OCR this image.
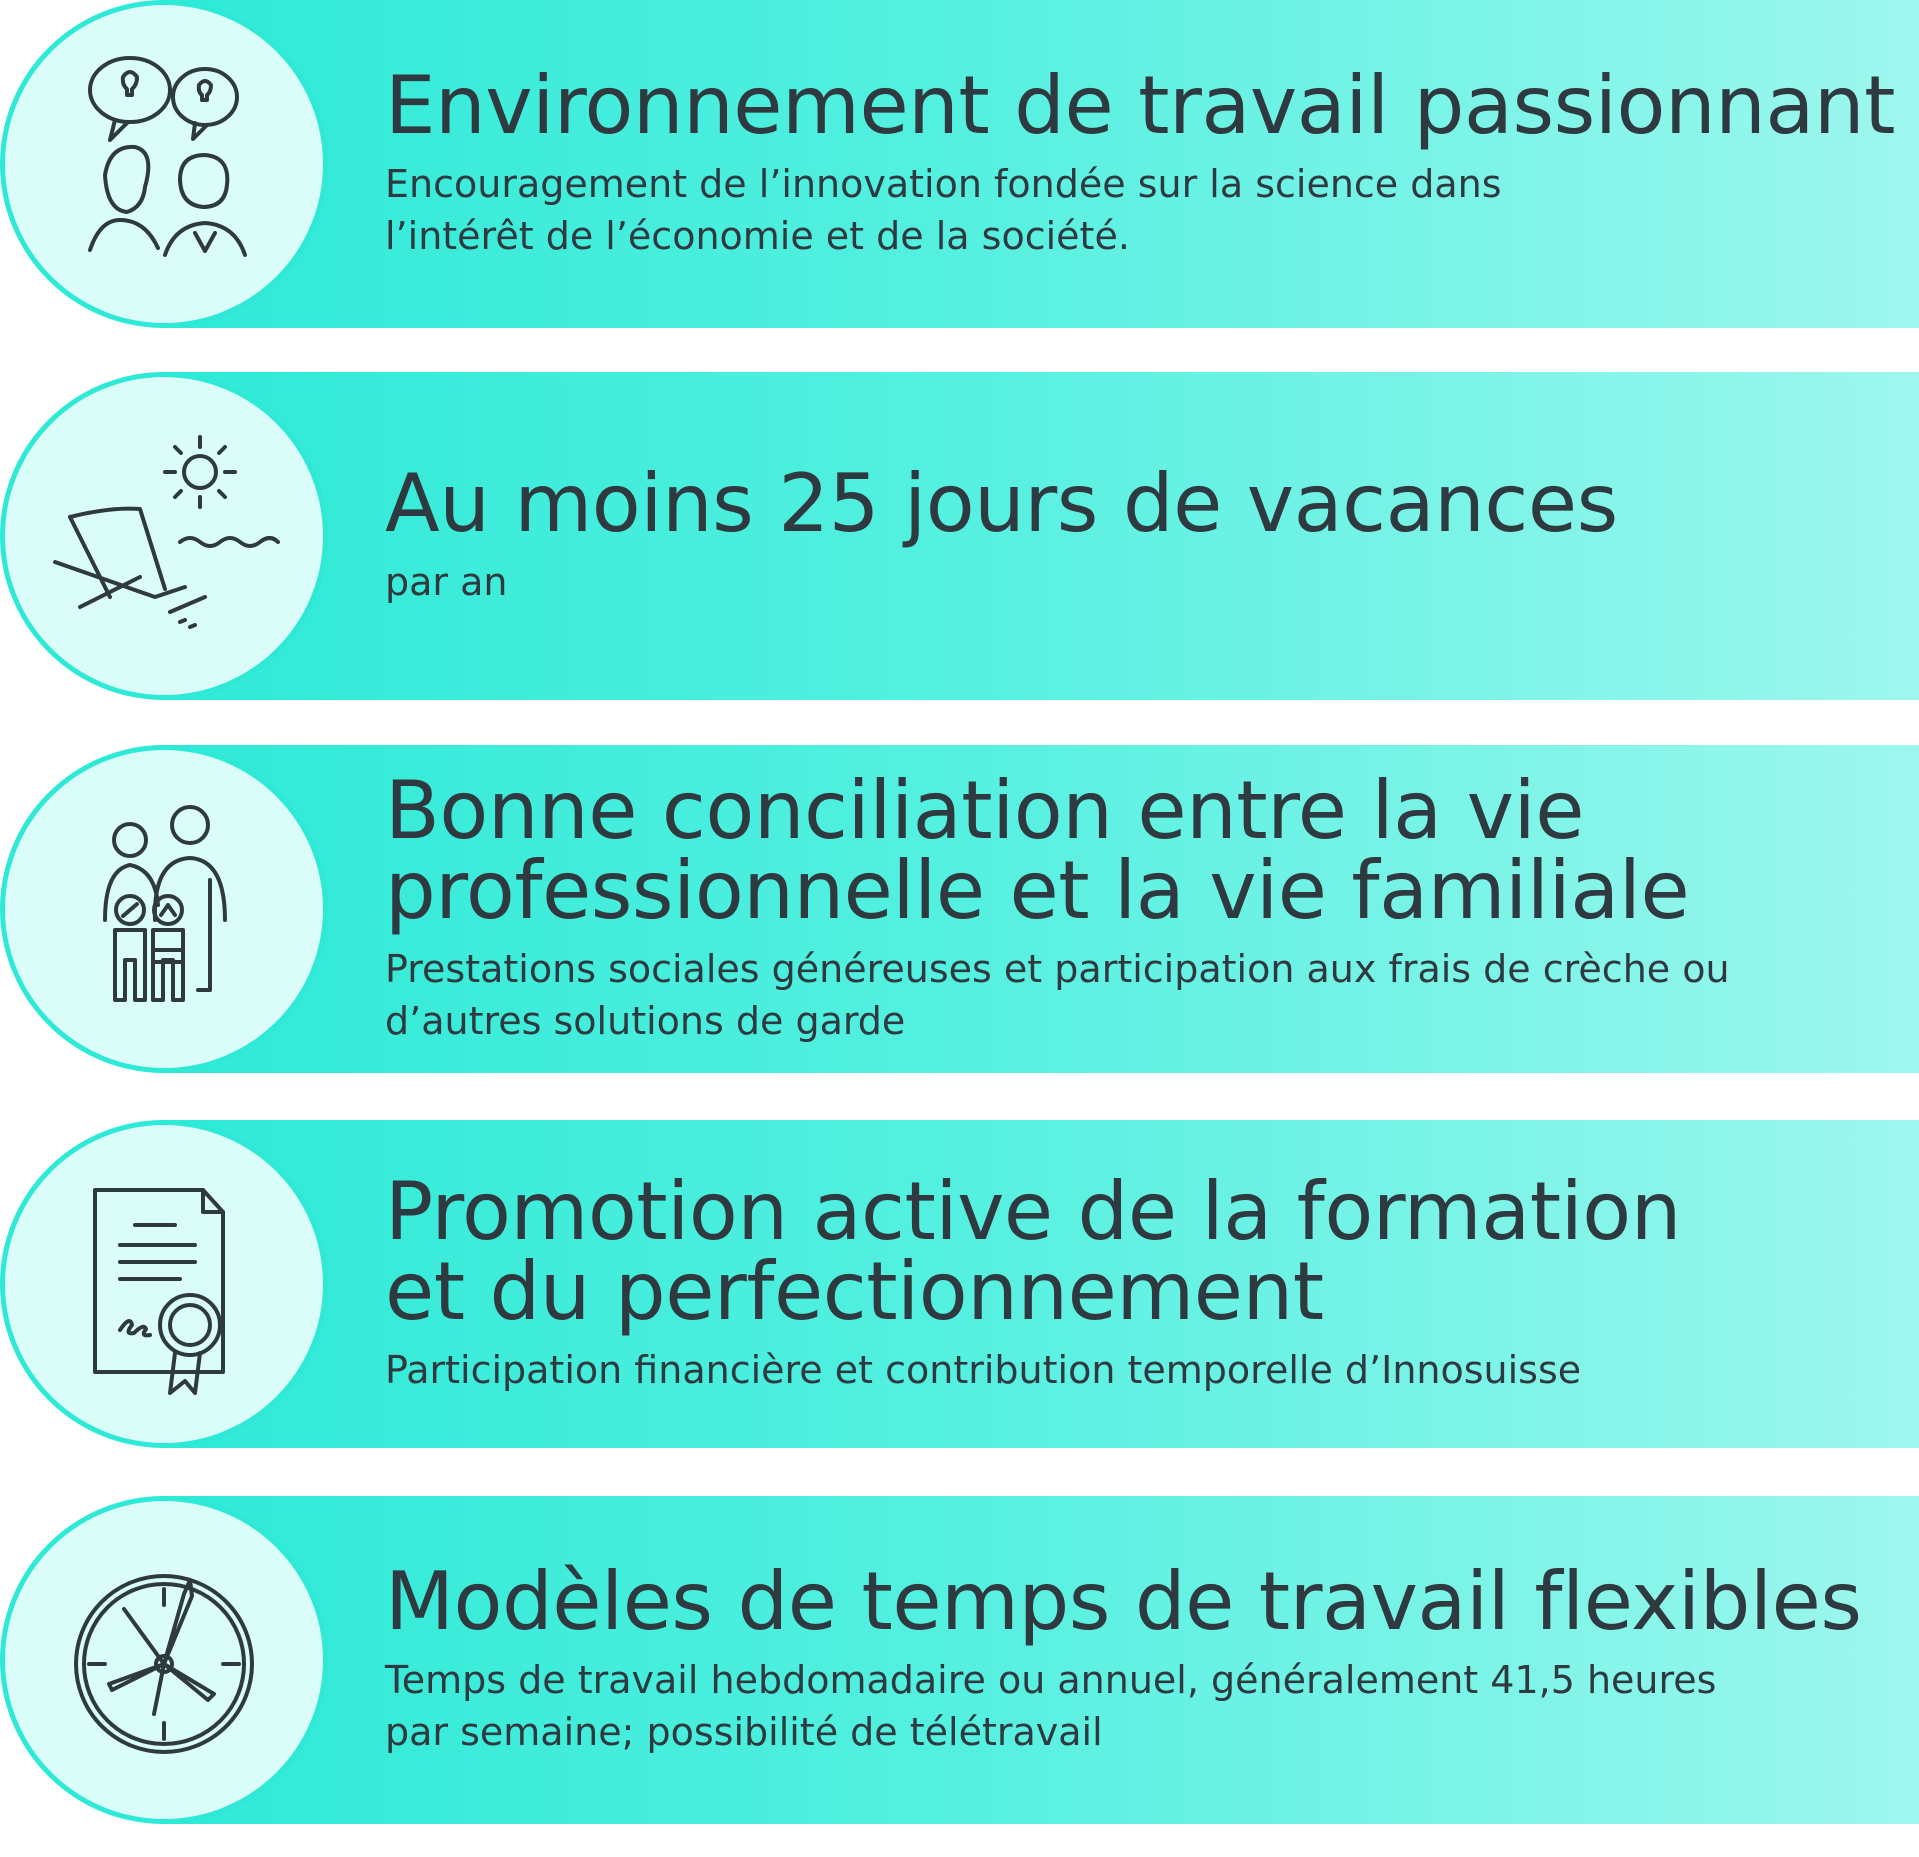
Environnement de travail passionnant
Encouragement de l’innovation fondée sur la science dans
l’intérêt de l’économie et de la société.
Au moins 25 jours de vacances
par an
Bonne conciliation entre la vie
professionnelle et la vie familiale
Prestations sociales généreuses et participation aux frais de crèche ou
d’autres solutions de garde
Promotion active de la formation
et du perfectionnement
Participation financière et contribution temporelle d’Innosuisse
Modèles de temps de travail flexibles
Temps de travail hebdomadaire ou annuel, généralement 41,5 heures
par semaine; possibilité de télétravail
